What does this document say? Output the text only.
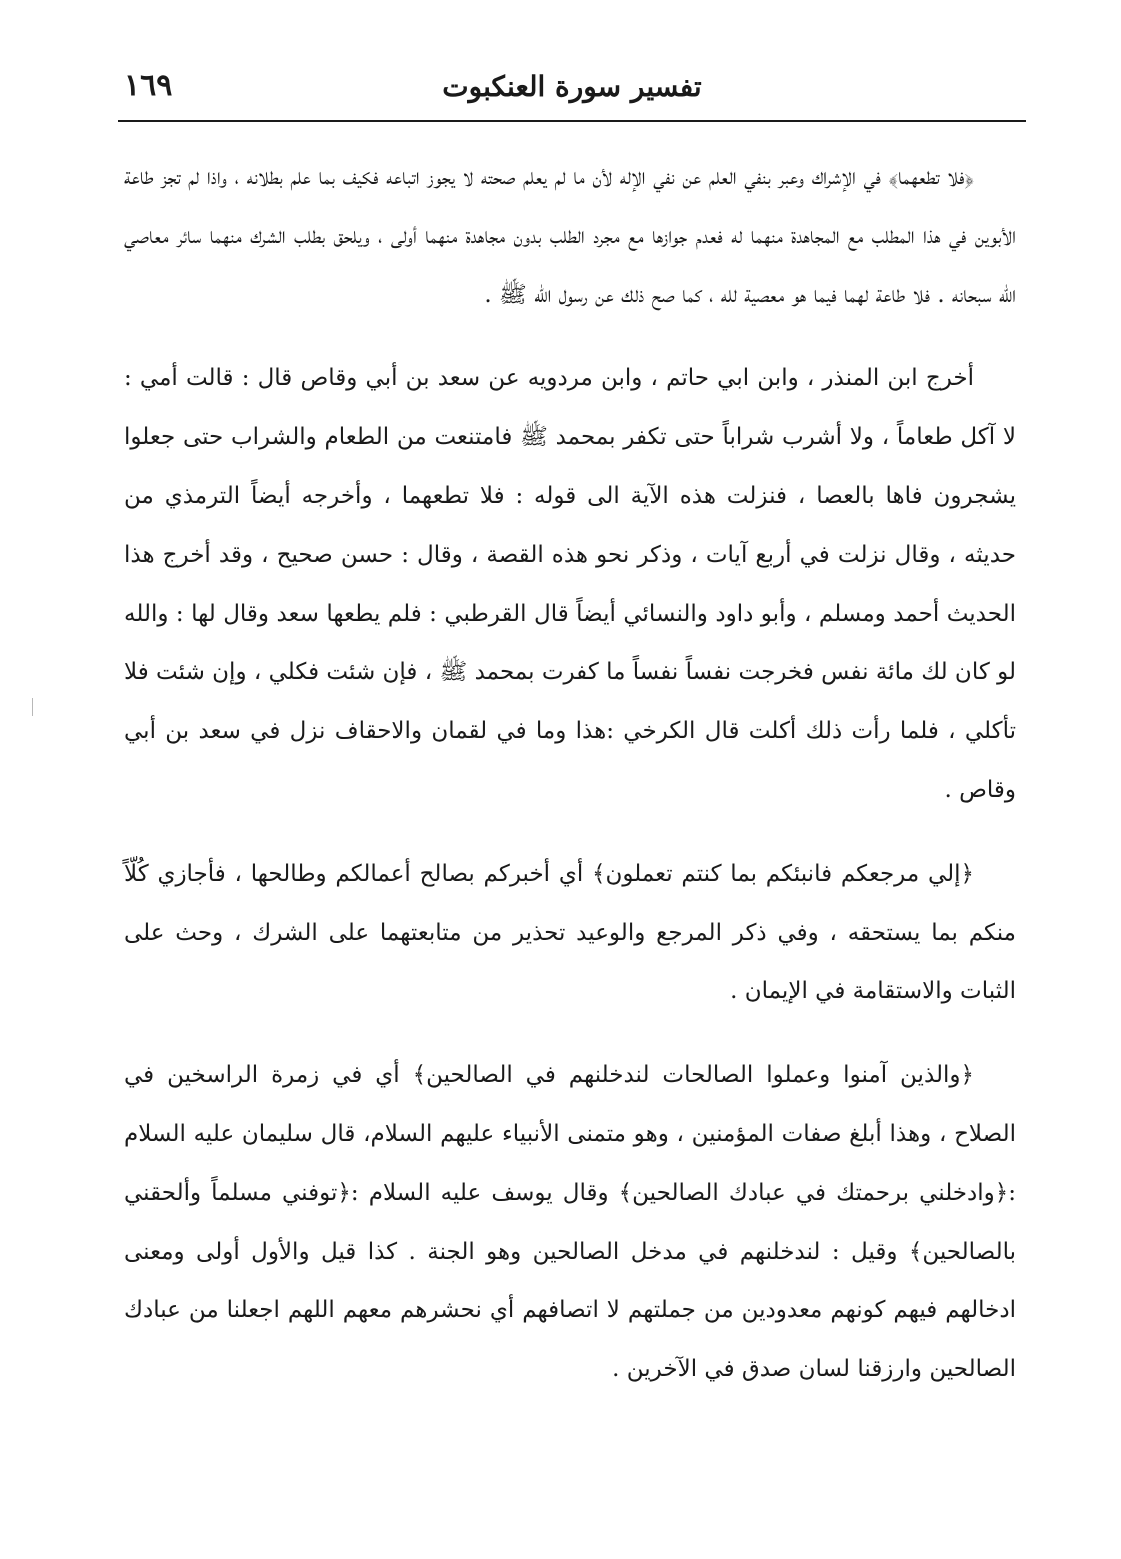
١٦٩	تفسير سورة العنكبوت

﴿فلا تطعهما﴾ في الإشراك وعبر بنفي العلم عن نفي الإله لأن ما لم يعلم صحته لا يجوز اتباعه فكيف بما علم بطلانه ، واذا لم تجز طاعة الأبوين في هذا المطلب مع المجاهدة منهما له فعدم جوازها مع مجرد الطلب بدون مجاهدة منهما أولى ، ويلحق بطلب الشرك منهما سائر معاصي الله سبحانه . فلا طاعة لهما فيما هو معصية لله ، كما صح ذلك عن رسول الله ﷺ .

أخرج ابن المنذر ، وابن ابي حاتم ، وابن مردويه عن سعد بن أبي وقاص قال : قالت أمي : لا آكل طعاماً ، ولا أشرب شراباً حتى تكفر بمحمد ﷺ فامتنعت من الطعام والشراب حتى جعلوا يشجرون فاها بالعصا ، فنزلت هذه الآية الى قوله : فلا تطعهما ، وأخرجه أيضاً الترمذي من حديثه ، وقال نزلت في أربع آيات ، وذكر نحو هذه القصة ، وقال : حسن صحيح ، وقد أخرج هذا الحديث أحمد ومسلم ، وأبو داود والنسائي أيضاً قال القرطبي : فلم يطعها سعد وقال لها : والله لو كان لك مائة نفس فخرجت نفساً نفساً ما كفرت بمحمد ﷺ ، فإن شئت فكلي ، وإن شئت فلا تأكلي ، فلما رأت ذلك أكلت قال الكرخي :هذا وما في لقمان والاحقاف نزل في سعد بن أبي وقاص .

﴿إلي مرجعكم فانبئكم بما كنتم تعملون﴾ أي أخبركم بصالح أعمالكم وطالحها ، فأجازي كُلّاً منكم بما يستحقه ، وفي ذكر المرجع والوعيد تحذير من متابعتهما على الشرك ، وحث على الثبات والاستقامة في الإيمان .

﴿والذين آمنوا وعملوا الصالحات لندخلنهم في الصالحين﴾ أي في زمرة الراسخين في الصلاح ، وهذا أبلغ صفات المؤمنين ، وهو متمنى الأنبياء عليهم السلام، قال سليمان عليه السلام :﴿وادخلني برحمتك في عبادك الصالحين﴾ وقال يوسف عليه السلام :﴿توفني مسلماً وألحقني بالصالحين﴾ وقيل : لندخلنهم في مدخل الصالحين وهو الجنة . كذا قيل والأول أولى ومعنى ادخالهم فيهم كونهم معدودين من جملتهم لا اتصافهم أي نحشرهم معهم اللهم اجعلنا من عبادك الصالحين وارزقنا لسان صدق في الآخرين .
